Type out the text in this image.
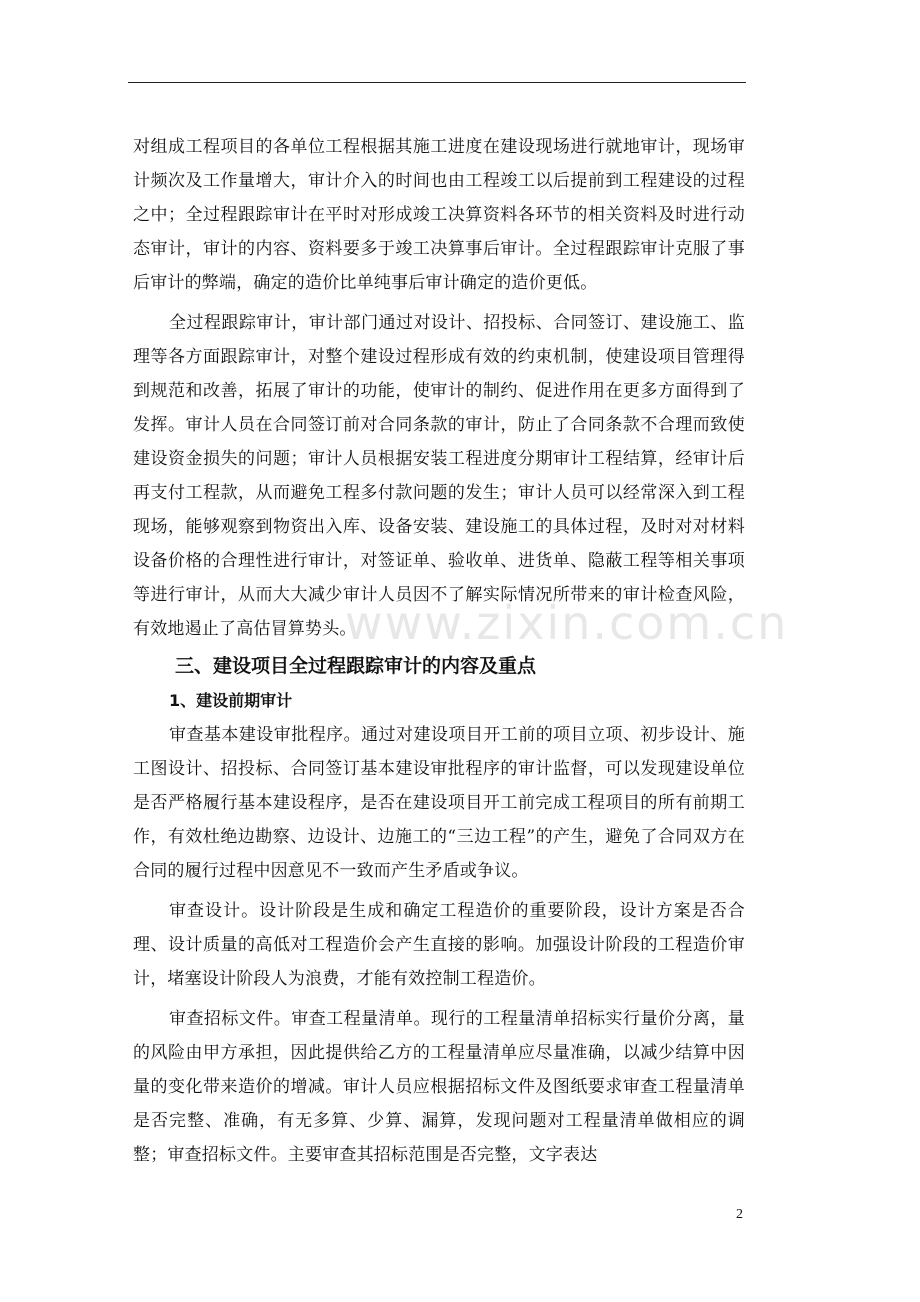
对组成工程项目的各单位工程根据其施工进度在建设现场进行就地审计，现场审计频次及工作量增大，审计介入的时间也由工程竣工以后提前到工程建设的过程之中；全过程跟踪审计在平时对形成竣工决算资料各环节的相关资料及时进行动态审计，审计的内容、资料要多于竣工决算事后审计。全过程跟踪审计克服了事后审计的弊端，确定的造价比单纯事后审计确定的造价更低。

全过程跟踪审计，审计部门通过对设计、招投标、合同签订、建设施工、监理等各方面跟踪审计，对整个建设过程形成有效的约束机制，使建设项目管理得到规范和改善，拓展了审计的功能，使审计的制约、促进作用在更多方面得到了发挥。审计人员在合同签订前对合同条款的审计，防止了合同条款不合理而致使建设资金损失的问题；审计人员根据安装工程进度分期审计工程结算，经审计后再支付工程款，从而避免工程多付款问题的发生；审计人员可以经常深入到工程现场，能够观察到物资出入库、设备安装、建设施工的具体过程，及时对对材料设备价格的合理性进行审计，对签证单、验收单、进货单、隐蔽工程等相关事项等进行审计，从而大大减少审计人员因不了解实际情况所带来的审计检查风险，有效地遏止了高估冒算势头。

三、建设项目全过程跟踪审计的内容及重点
1、建设前期审计

审查基本建设审批程序。通过对建设项目开工前的项目立项、初步设计、施工图设计、招投标、合同签订基本建设审批程序的审计监督，可以发现建设单位是否严格履行基本建设程序，是否在建设项目开工前完成工程项目的所有前期工作，有效杜绝边勘察、边设计、边施工的“三边工程”的产生，避免了合同双方在合同的履行过程中因意见不一致而产生矛盾或争议。

审查设计。设计阶段是生成和确定工程造价的重要阶段，设计方案是否合理、设计质量的高低对工程造价会产生直接的影响。加强设计阶段的工程造价审计，堵塞设计阶段人为浪费，才能有效控制工程造价。

审查招标文件。审查工程量清单。现行的工程量清单招标实行量价分离，量的风险由甲方承担，因此提供给乙方的工程量清单应尽量准确，以减少结算中因量的变化带来造价的增减。审计人员应根据招标文件及图纸要求审查工程量清单是否完整、准确，有无多算、少算、漏算，发现问题对工程量清单做相应的调整；审查招标文件。主要审查其招标范围是否完整，文字表达

www.zixin.com.cn
2
